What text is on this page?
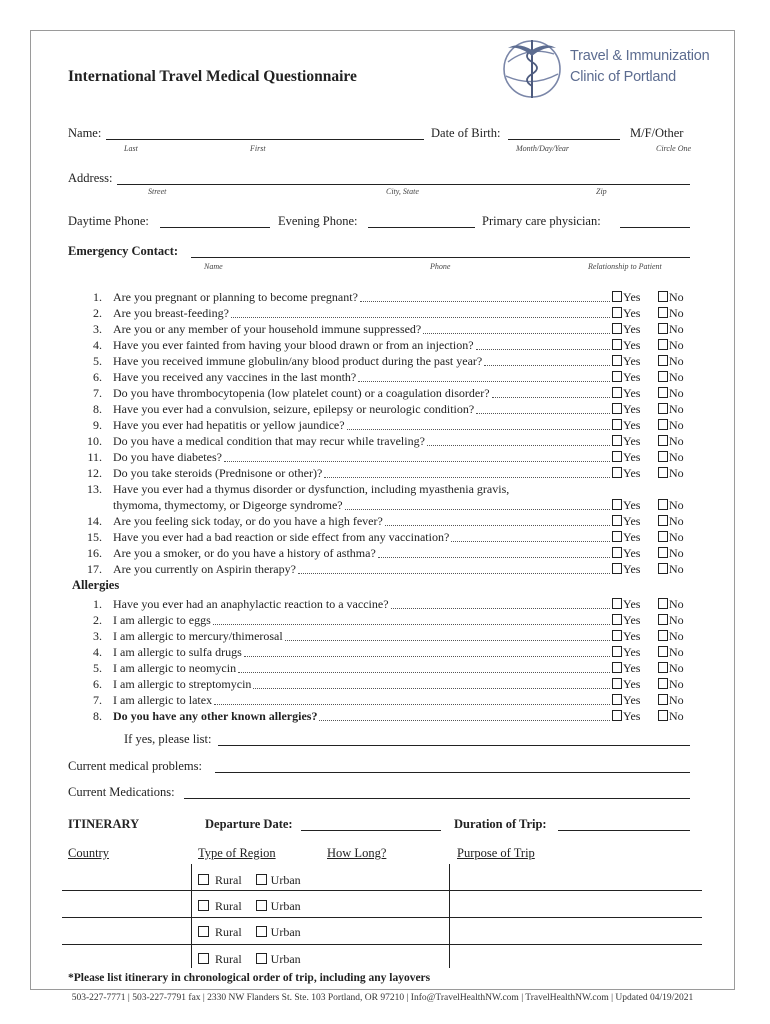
International Travel Medical Questionnaire
Travel & Immunization
Clinic of Portland
Name:
Last	First
Date of Birth:
Month/Day/Year
M/F/Other
Circle One
Address:
Street	City, State	Zip
Daytime Phone:	Evening Phone:	Primary care physician:
Emergency Contact:
Name	Phone	Relationship to Patient
1. Are you pregnant or planning to become pregnant?	Yes	No
2. Are you breast-feeding?	Yes	No
3. Are you or any member of your household immune suppressed?	Yes	No
4. Have you ever fainted from having your blood drawn or from an injection?	Yes	No
5. Have you received immune globulin/any blood product during the past year?	Yes	No
6. Have you received any vaccines in the last month?	Yes	No
7. Do you have thrombocytopenia (low platelet count) or a coagulation disorder?	Yes	No
8. Have you ever had a convulsion, seizure, epilepsy or neurologic condition?	Yes	No
9. Have you ever had hepatitis or yellow jaundice?	Yes	No
10. Do you have a medical condition that may recur while traveling?	Yes	No
11. Do you have diabetes?	Yes	No
12. Do you take steroids (Prednisone or other)?	Yes	No
13. Have you ever had a thymus disorder or dysfunction, including myasthenia gravis,
thymoma, thymectomy, or Digeorge syndrome?	Yes	No
14. Are you feeling sick today, or do you have a high fever?	Yes	No
15. Have you ever had a bad reaction or side effect from any vaccination?	Yes	No
16. Are you a smoker, or do you have a history of asthma?	Yes	No
17. Are you currently on Aspirin therapy?	Yes	No
Allergies
1. Have you ever had an anaphylactic reaction to a vaccine?	Yes	No
2. I am allergic to eggs	Yes	No
3. I am allergic to mercury/thimerosal	Yes	No
4. I am allergic to sulfa drugs	Yes	No
5. I am allergic to neomycin	Yes	No
6. I am allergic to streptomycin	Yes	No
7. I am allergic to latex	Yes	No
8. Do you have any other known allergies?	Yes	No
If yes, please list:
Current medical problems:
Current Medications:
ITINERARY	Departure Date:	Duration of Trip:
Country	Type of Region	How Long?	Purpose of Trip
Rural Urban
Rural Urban
Rural Urban
Rural Urban
*Please list itinerary in chronological order of trip, including any layovers
503-227-7771 | 503-227-7791 fax | 2330 NW Flanders St. Ste. 103 Portland, OR 97210 | Info@TravelHealthNW.com | TravelHealthNW.com | Updated 04/19/2021
